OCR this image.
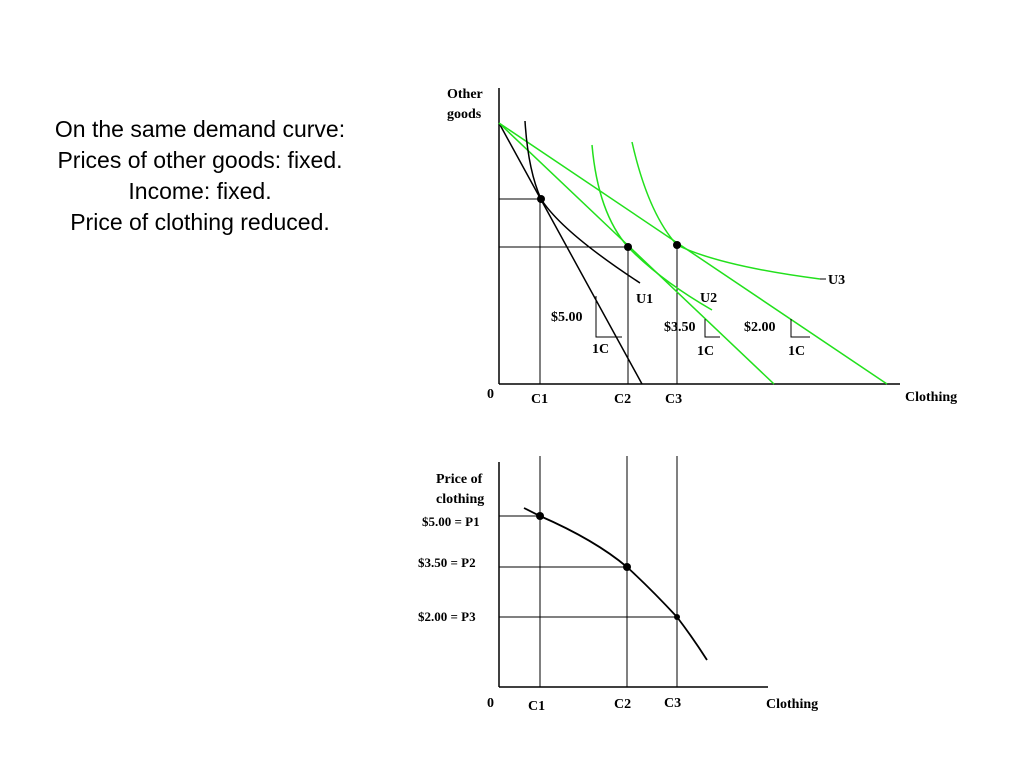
On the same demand curve:
Prices of other goods: fixed.
Income: fixed.
Price of clothing reduced.
Other
goods
Clothing
0	C1	C2 C3
U1	U2
U3
$5.00
$3.50	$2.00
1C	1C	1C
Price of
clothing
Clothing
0 C1	C2 C3
$5.00 = P1
$3.50 = P2
$2.00 = P3
